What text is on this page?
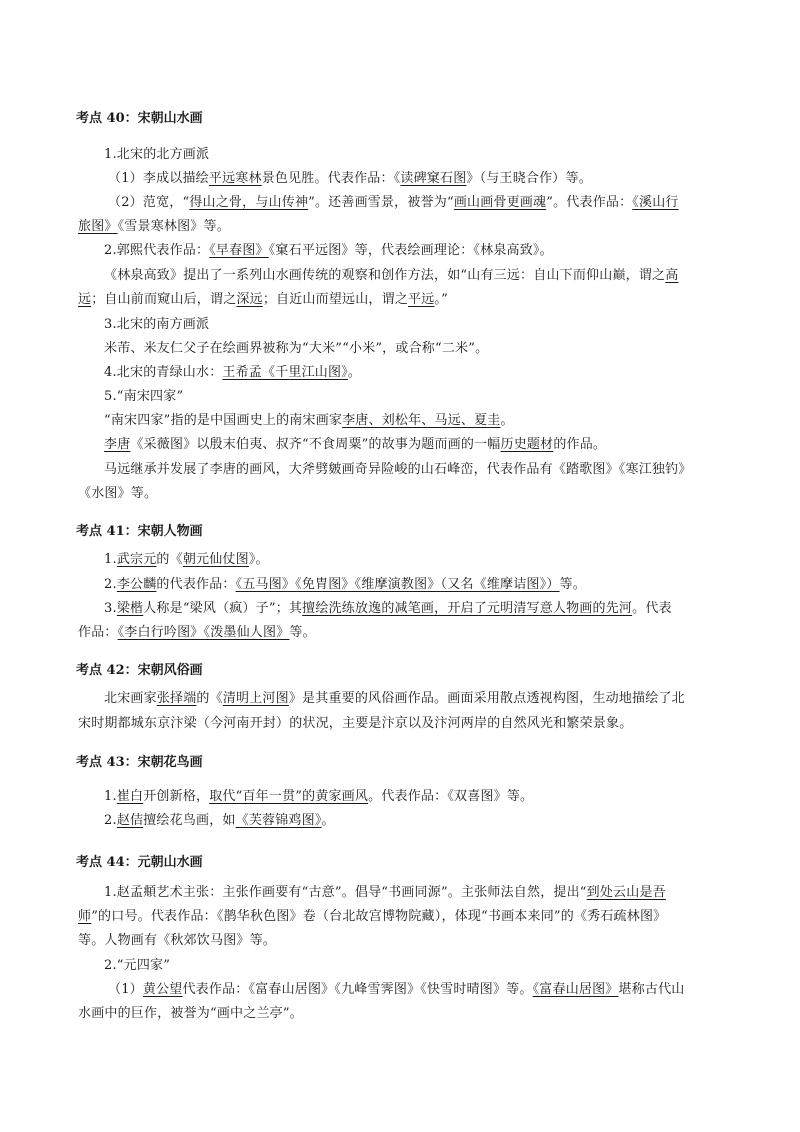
考点 40：宋朝山水画
1.北宋的北方画派
（1）李成以描绘平远寒林景色见胜。代表作品：《读碑窠石图》（与王晓合作）等。
（2）范宽，“得山之骨，与山传神”。还善画雪景，被誉为“画山画骨更画魂”。代表作品：《溪山行
旅图》《雪景寒林图》等。
2.郭熙代表作品：《早春图》《窠石平远图》等，代表绘画理论：《林泉高致》。
《林泉高致》提出了一系列山水画传统的观察和创作方法，如“山有三远：自山下而仰山巅，谓之高
远；自山前而窥山后，谓之深远；自近山而望远山，谓之平远。”
3.北宋的南方画派
米芾、米友仁父子在绘画界被称为“大米”“小米”，或合称“二米”。
4.北宋的青绿山水：王希孟《千里江山图》。
5.“南宋四家”
“南宋四家”指的是中国画史上的南宋画家李唐、刘松年、马远、夏圭。
李唐《采薇图》以殷末伯夷、叔齐“不食周粟”的故事为题而画的一幅历史题材的作品。
马远继承并发展了李唐的画风，大斧劈皴画奇异险峻的山石峰峦，代表作品有《踏歌图》《寒江独钓》
《水图》等。
考点 41：宋朝人物画
1.武宗元的《朝元仙仗图》。
2.李公麟的代表作品：《五马图》《免胄图》《维摩演教图》（又名《维摩诘图》）等。
3.梁楷人称是“梁风（疯）子”；其擅绘洗练放逸的减笔画，开启了元明清写意人物画的先河。代表
作品：《李白行吟图》《泼墨仙人图》等。
考点 42：宋朝风俗画
北宋画家张择端的《清明上河图》是其重要的风俗画作品。画面采用散点透视构图，生动地描绘了北
宋时期都城东京汴梁（今河南开封）的状况，主要是汴京以及汴河两岸的自然风光和繁荣景象。
考点 43：宋朝花鸟画
1.崔白开创新格，取代“百年一贯”的黄家画风。代表作品：《双喜图》等。
2.赵佶擅绘花鸟画，如《芙蓉锦鸡图》。
考点 44：元朝山水画
1.赵孟頫艺术主张：主张作画要有“古意”。倡导“书画同源”。主张师法自然，提出“到处云山是吾
师”的口号。代表作品：《鹊华秋色图》卷（台北故宫博物院藏），体现“书画本来同”的《秀石疏林图》
等。人物画有《秋郊饮马图》等。
2.“元四家”
（1）黄公望代表作品：《富春山居图》《九峰雪霁图》《快雪时晴图》等。《富春山居图》堪称古代山
水画中的巨作，被誉为“画中之兰亭”。
